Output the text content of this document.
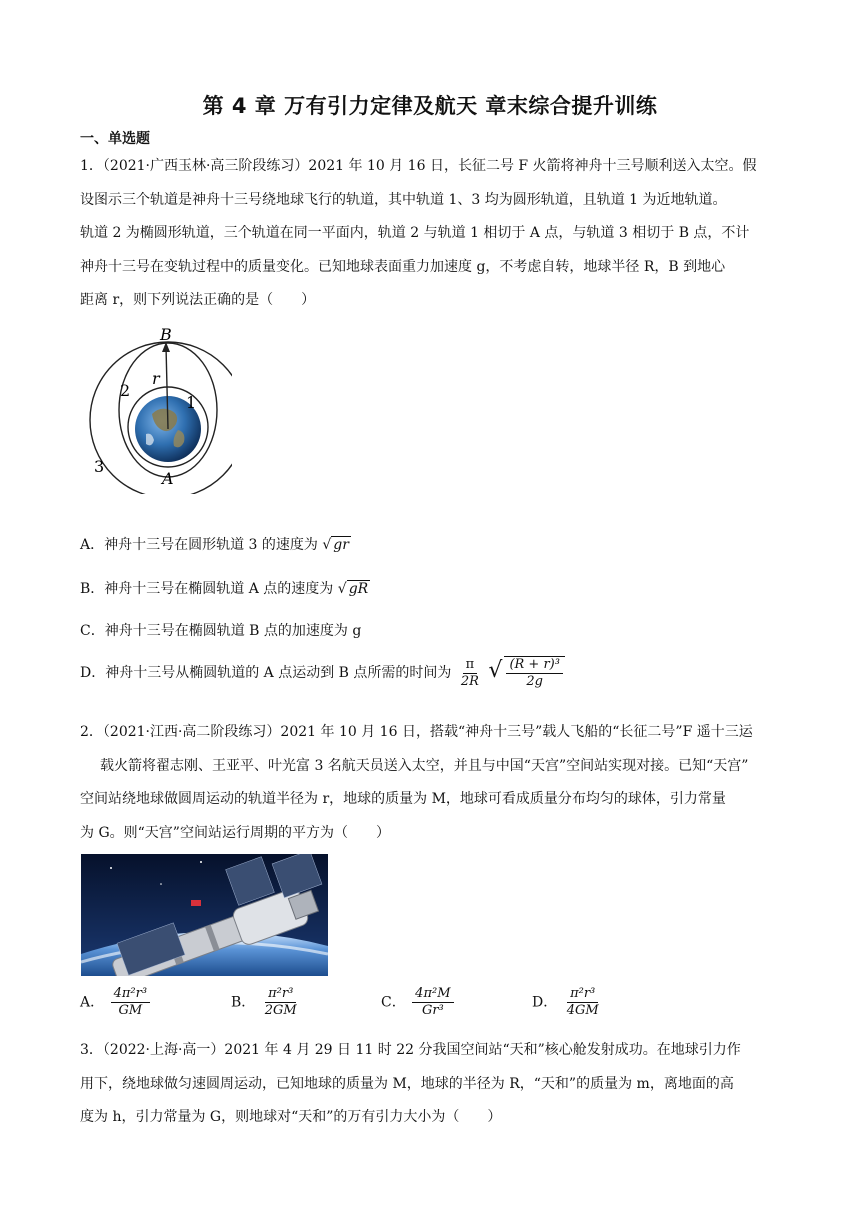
第 4 章 万有引力定律及航天 章末综合提升训练
一、单选题
1．（2021·广西玉林·高三阶段练习）2021 年 10 月 16 日，长征二号 F 火箭将神舟十三号顺利送入太空。假
设图示三个轨道是神舟十三号绕地球飞行的轨道，其中轨道 1、3 均为圆形轨道，且轨道 1 为近地轨道。
轨道 2 为椭圆形轨道，三个轨道在同一平面内，轨道 2 与轨道 1 相切于 A 点，与轨道 3 相切于 B 点，不计
神舟十三号在变轨过程中的质量变化。已知地球表面重力加速度 g，不考虑自转，地球半径 R，B 到地心
距离 r，则下列说法正确的是（　　）
B
A
2
1
3
r
A．神舟十三号在圆形轨道 3 的速度为 √ gr
B．神舟十三号在椭圆轨道 A 点的速度为 √ gR
C．神舟十三号在椭圆轨道 B 点的加速度为 g
D．神舟十三号从椭圆轨道的 A 点运动到 B 点所需的时间为 $\frac{\pi}{2R}$ √ $\frac{\text{(R + r)³}}{2g}$
2．（2021·江西·高二阶段练习）2021 年 10 月 16 日，搭载“神舟十三号”载人飞船的“长征二号”F 遥十三运
载火箭将翟志刚、王亚平、叶光富 3 名航天员送入太空，并且与中国“天宫”空间站实现对接。已知“天宫”
空间站绕地球做圆周运动的轨道半径为 r，地球的质量为 M，地球可看成质量分布均匀的球体，引力常量
为 G。则“天宫”空间站运行周期的平方为（　　）
A． $\frac{\text{4π²r³}}{GM}$	B． $\frac{\text{π²r³}}{2GM}$	C． $\frac{\text{4π²M}}{\text{Gr³}}$	D． $\frac{\text{π²r³}}{4GM}$
3．（2022·上海·高一）2021 年 4 月 29 日 11 时 22 分我国空间站“天和”核心舱发射成功。在地球引力作
用下，绕地球做匀速圆周运动，已知地球的质量为 M，地球的半径为 R，“天和”的质量为 m，离地面的高
度为 h，引力常量为 G，则地球对“天和”的万有引力大小为（　　）
